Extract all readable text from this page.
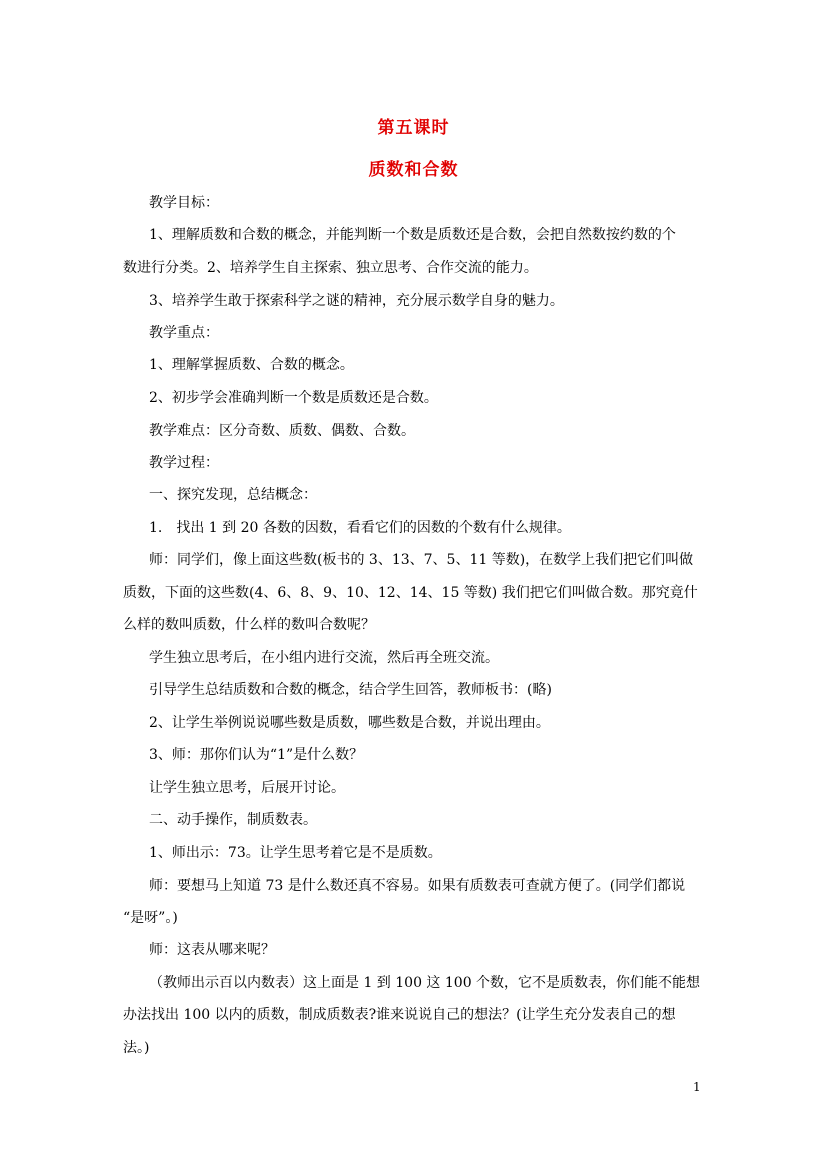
第五课时
质数和合数
教学目标：
1、理解质数和合数的概念，并能判断一个数是质数还是合数，会把自然数按约数的个
数进行分类。2、培养学生自主探索、独立思考、合作交流的能力。
3、培养学生敢于探索科学之谜的精神，充分展示数学自身的魅力。
教学重点：
1、理解掌握质数、合数的概念。
2、初步学会准确判断一个数是质数还是合数。
教学难点：区分奇数、质数、偶数、合数。
教学过程：
一、探究发现，总结概念：
1.　找出 1 到 20 各数的因数，看看它们的因数的个数有什么规律。
师：同学们，像上面这些数(板书的 3、13、7、5、11 等数)，在数学上我们把它们叫做
质数，下面的这些数(4、6、8、9、10、12、14、15 等数) 我们把它们叫做合数。那究竟什
么样的数叫质数，什么样的数叫合数呢？
学生独立思考后，在小组内进行交流，然后再全班交流。
引导学生总结质数和合数的概念，结合学生回答，教师板书：(略)
2、让学生举例说说哪些数是质数，哪些数是合数，并说出理由。
3、师：那你们认为“1”是什么数？
让学生独立思考，后展开讨论。
二、动手操作，制质数表。
1、师出示：73。让学生思考着它是不是质数。
师：要想马上知道 73 是什么数还真不容易。如果有质数表可查就方便了。(同学们都说
“是呀”。)
师：这表从哪来呢？
（教师出示百以内数表）这上面是 1 到 100 这 100 个数，它不是质数表，你们能不能想
办法找出 100 以内的质数，制成质数表?谁来说说自己的想法？(让学生充分发表自己的想
法。)
1
